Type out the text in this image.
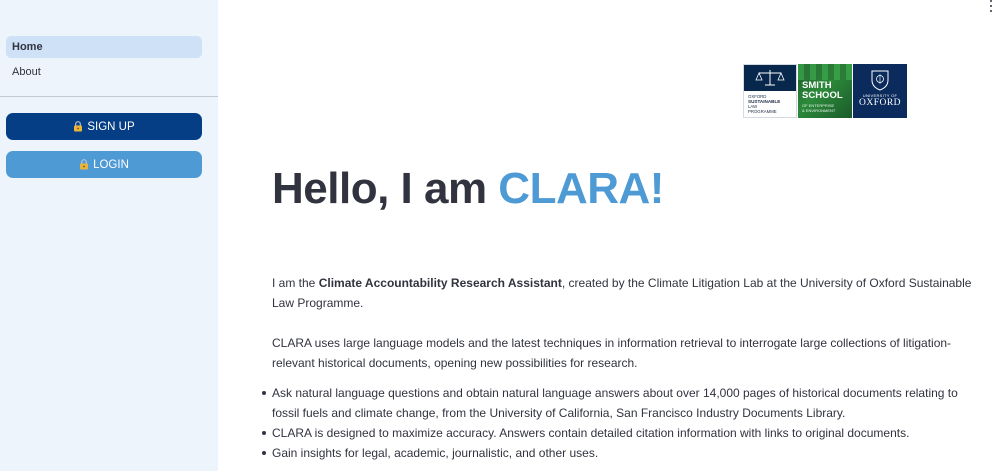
Home
About
SIGN UP
LOGIN
OXFORD
SUSTAINABLE
LAW
PROGRAMME
SMITH
SCHOOL
OF ENTERPRISE
& ENVIRONMENT
UNIVERSITY OF
OXFORD
Hello, I am CLARA!

I am the Climate Accountability Research Assistant, created by the Climate Litigation Lab at the University of Oxford Sustainable Law Programme.

CLARA uses large language models and the latest techniques in information retrieval to interrogate large collections of litigation-relevant historical documents, opening new possibilities for research.

Ask natural language questions and obtain natural language answers about over 14,000 pages of historical documents relating to fossil fuels and climate change, from the University of California, San Francisco Industry Documents Library.
CLARA is designed to maximize accuracy. Answers contain detailed citation information with links to original documents.
Gain insights for legal, academic, journalistic, and other uses.
